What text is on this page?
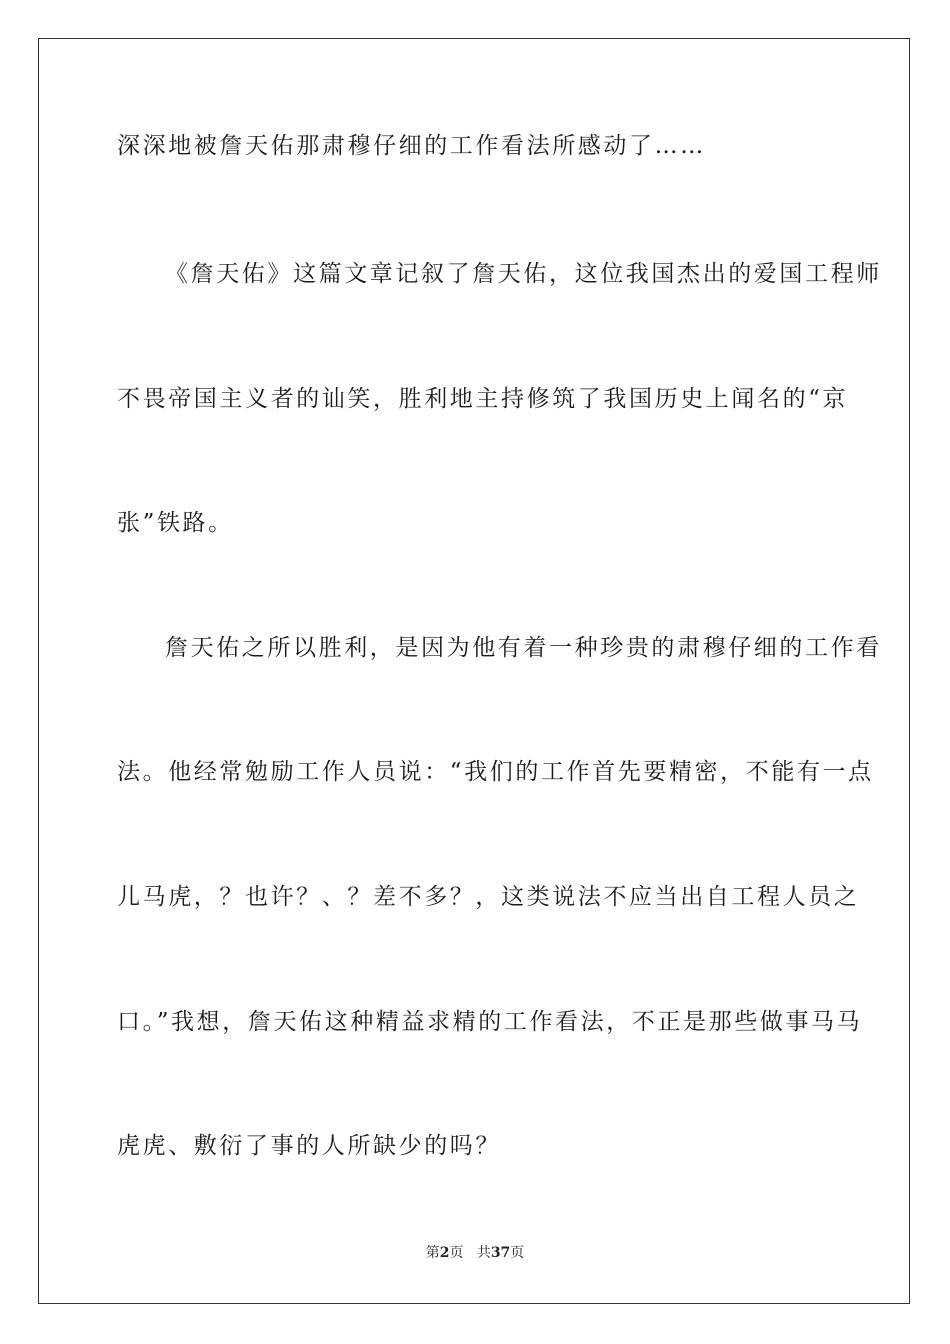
深深地被詹天佑那肃穆仔细的工作看法所感动了……
《詹天佑》这篇文章记叙了詹天佑，这位我国杰出的爱国工程师
不畏帝国主义者的讪笑，胜利地主持修筑了我国历史上闻名的“京
张”铁路。
詹天佑之所以胜利，是因为他有着一种珍贵的肃穆仔细的工作看
法。他经常勉励工作人员说：“我们的工作首先要精密，不能有一点
儿马虎，？也许？、？差不多？，这类说法不应当出自工程人员之
口。”我想，詹天佑这种精益求精的工作看法，不正是那些做事马马
虎虎、敷衍了事的人所缺少的吗？
第2页 共37页
